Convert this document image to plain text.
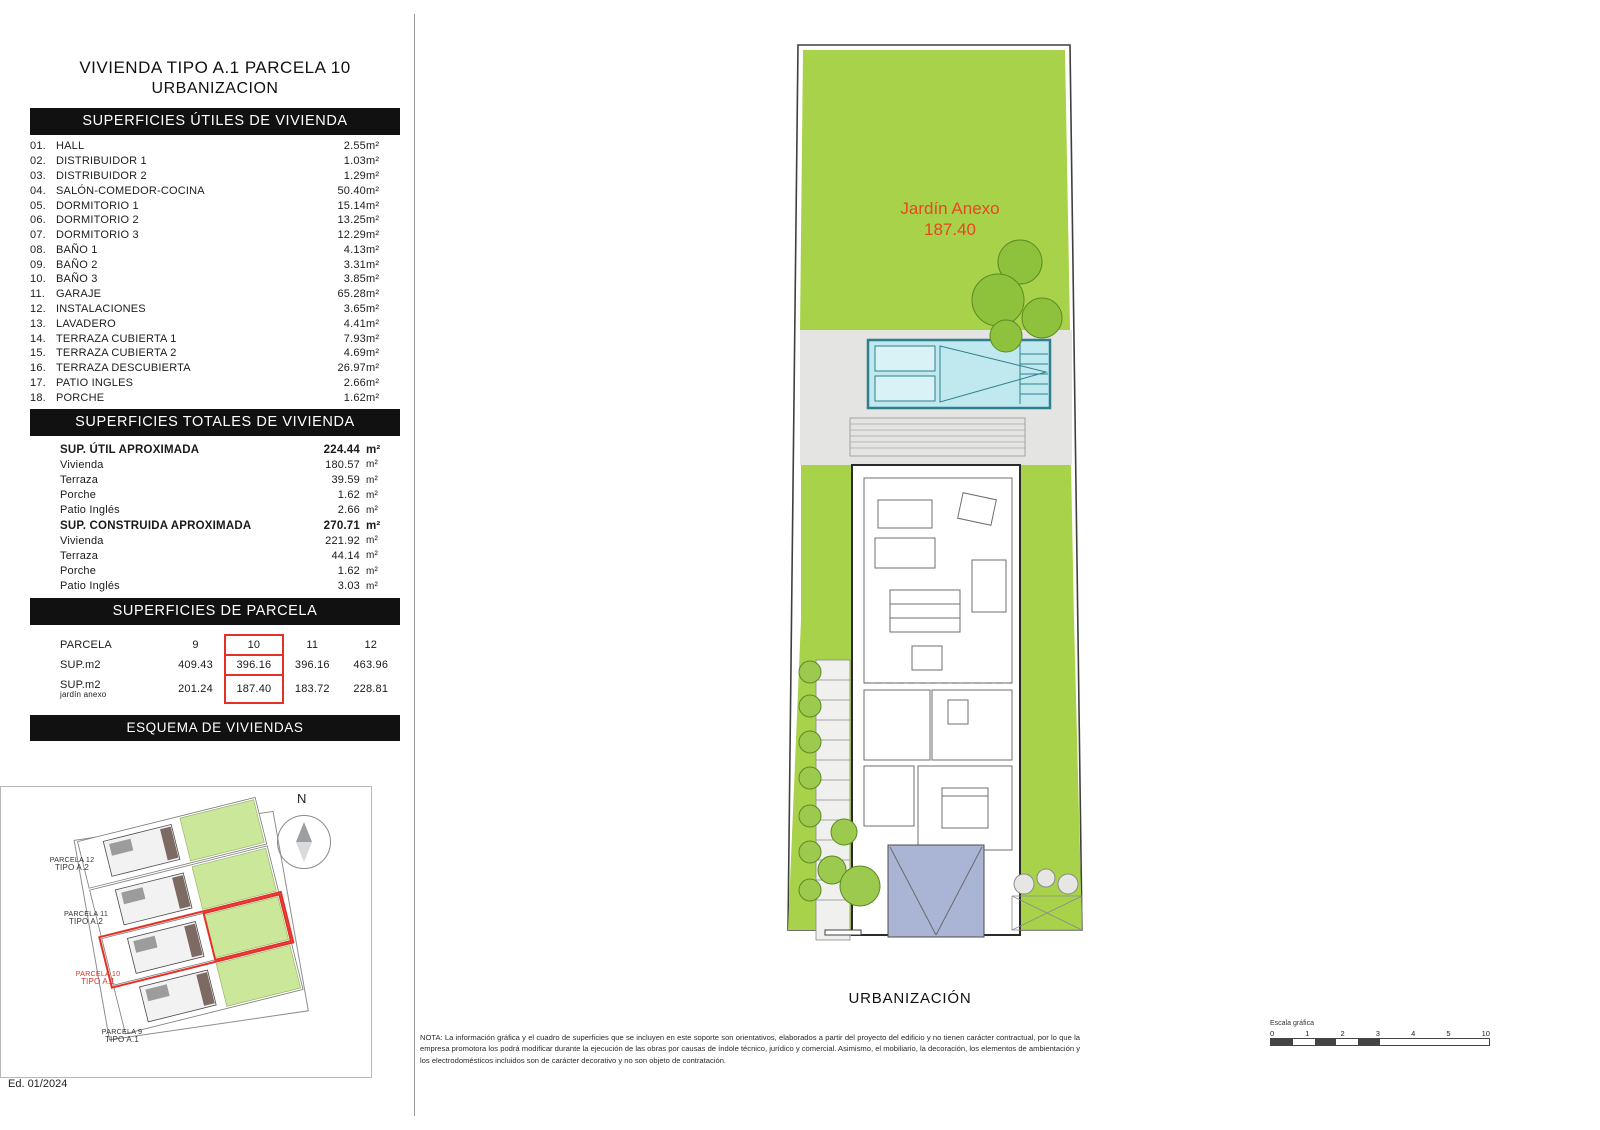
VIVIENDA TIPO A.1 PARCELA 10
URBANIZACION
SUPERFICIES ÚTILES DE VIVIENDA
01.	HALL	2.55	m²
02.	DISTRIBUIDOR 1	1.03	m²
03.	DISTRIBUIDOR 2	1.29	m²
04.	SALÓN-COMEDOR-COCINA	50.40	m²
05.	DORMITORIO 1	15.14	m²
06.	DORMITORIO 2	13.25	m²
07.	DORMITORIO 3	12.29	m²
08.	BAÑO 1	4.13	m²
09.	BAÑO 2	3.31	m²
10.	BAÑO 3	3.85	m²
11.	GARAJE	65.28	m²
12.	INSTALACIONES	3.65	m²
13.	LAVADERO	4.41	m²
14.	TERRAZA CUBIERTA 1	7.93	m²
15.	TERRAZA CUBIERTA 2	4.69	m²
16.	TERRAZA DESCUBIERTA	26.97	m²
17.	PATIO INGLES	2.66	m²
18.	PORCHE	1.62	m²
SUPERFICIES TOTALES DE VIVIENDA
SUP. ÚTIL APROXIMADA	224.44	m²
Vivienda	180.57	m²
Terraza	39.59	m²
Porche	1.62	m²
Patio Inglés	2.66	m²
SUP. CONSTRUIDA APROXIMADA	270.71	m²
Vivienda	221.92	m²
Terraza	44.14	m²
Porche	1.62	m²
Patio Inglés	3.03	m²
SUPERFICIES DE PARCELA
PARCELA	9	10	11	12
SUP.m2	409.43	396.16	396.16	463.96
SUP.m2
jardín anexo	201.24	187.40	183.72	228.81
ESQUEMA DE VIVIENDAS
PARCELA 12
TIPO A.2
PARCELA 11
TIPO A.2
PARCELA 10
TIPO A.1
PARCELA 9
TIPO A.1
N
Ed. 01/2024
Jardín Anexo
187.40
URBANIZACIÓN
NOTA: La información gráfica y el cuadro de superficies que se incluyen en este soporte son orientativos, elaborados a partir del proyecto del edificio y no tienen carácter contractual, por lo que la empresa promotora los podrá modificar durante la ejecución de las obras por causas de índole técnico, jurídico y comercial. Asimismo, el mobiliario, la decoración, los elementos de ambientación y los electrodomésticos incluidos son de carácter decorativo y no son objeto de contratación.
Escala gráfica
0	1	2	3	4	5	10
